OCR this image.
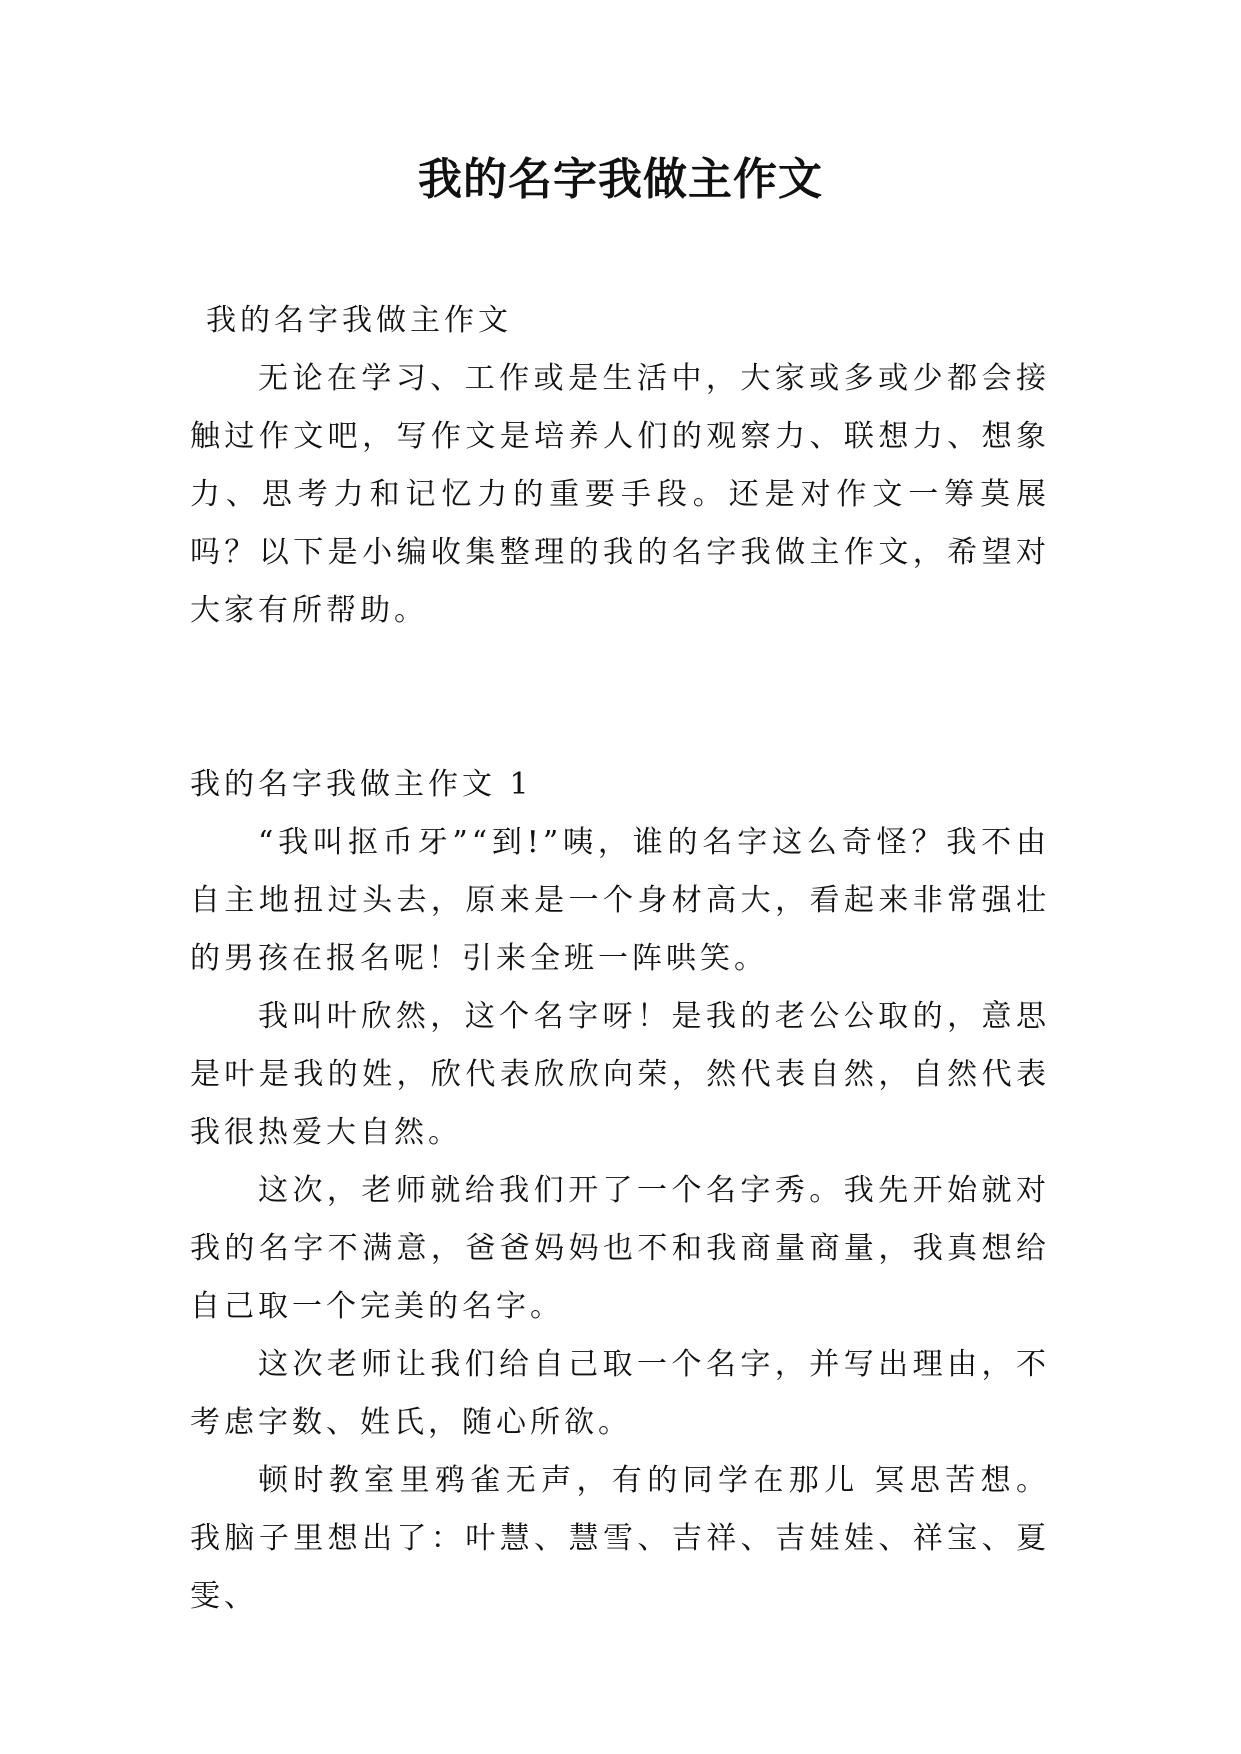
我的名字我做主作文

我的名字我做主作文

无论在学习、工作或是生活中，大家或多或少都会接触过作文吧，写作文是培养人们的观察力、联想力、想象力、思考力和记忆力的重要手段。还是对作文一筹莫展吗？以下是小编收集整理的我的名字我做主作文，希望对大家有所帮助。

我的名字我做主作文 1

“我叫抠币牙”“到!”咦，谁的名字这么奇怪？我不由自主地扭过头去，原来是一个身材高大，看起来非常强壮的男孩在报名呢！引来全班一阵哄笑。

我叫叶欣然，这个名字呀！是我的老公公取的，意思是叶是我的姓，欣代表欣欣向荣，然代表自然，自然代表我很热爱大自然。

这次，老师就给我们开了一个名字秀。我先开始就对我的名字不满意，爸爸妈妈也不和我商量商量，我真想给自己取一个完美的名字。

这次老师让我们给自己取一个名字，并写出理由，不考虑字数、姓氏，随心所欲。

顿时教室里鸦雀无声，有的同学在那儿 冥思苦想。我脑子里想出了：叶慧、慧雪、吉祥、吉娃娃、祥宝、夏雯、
